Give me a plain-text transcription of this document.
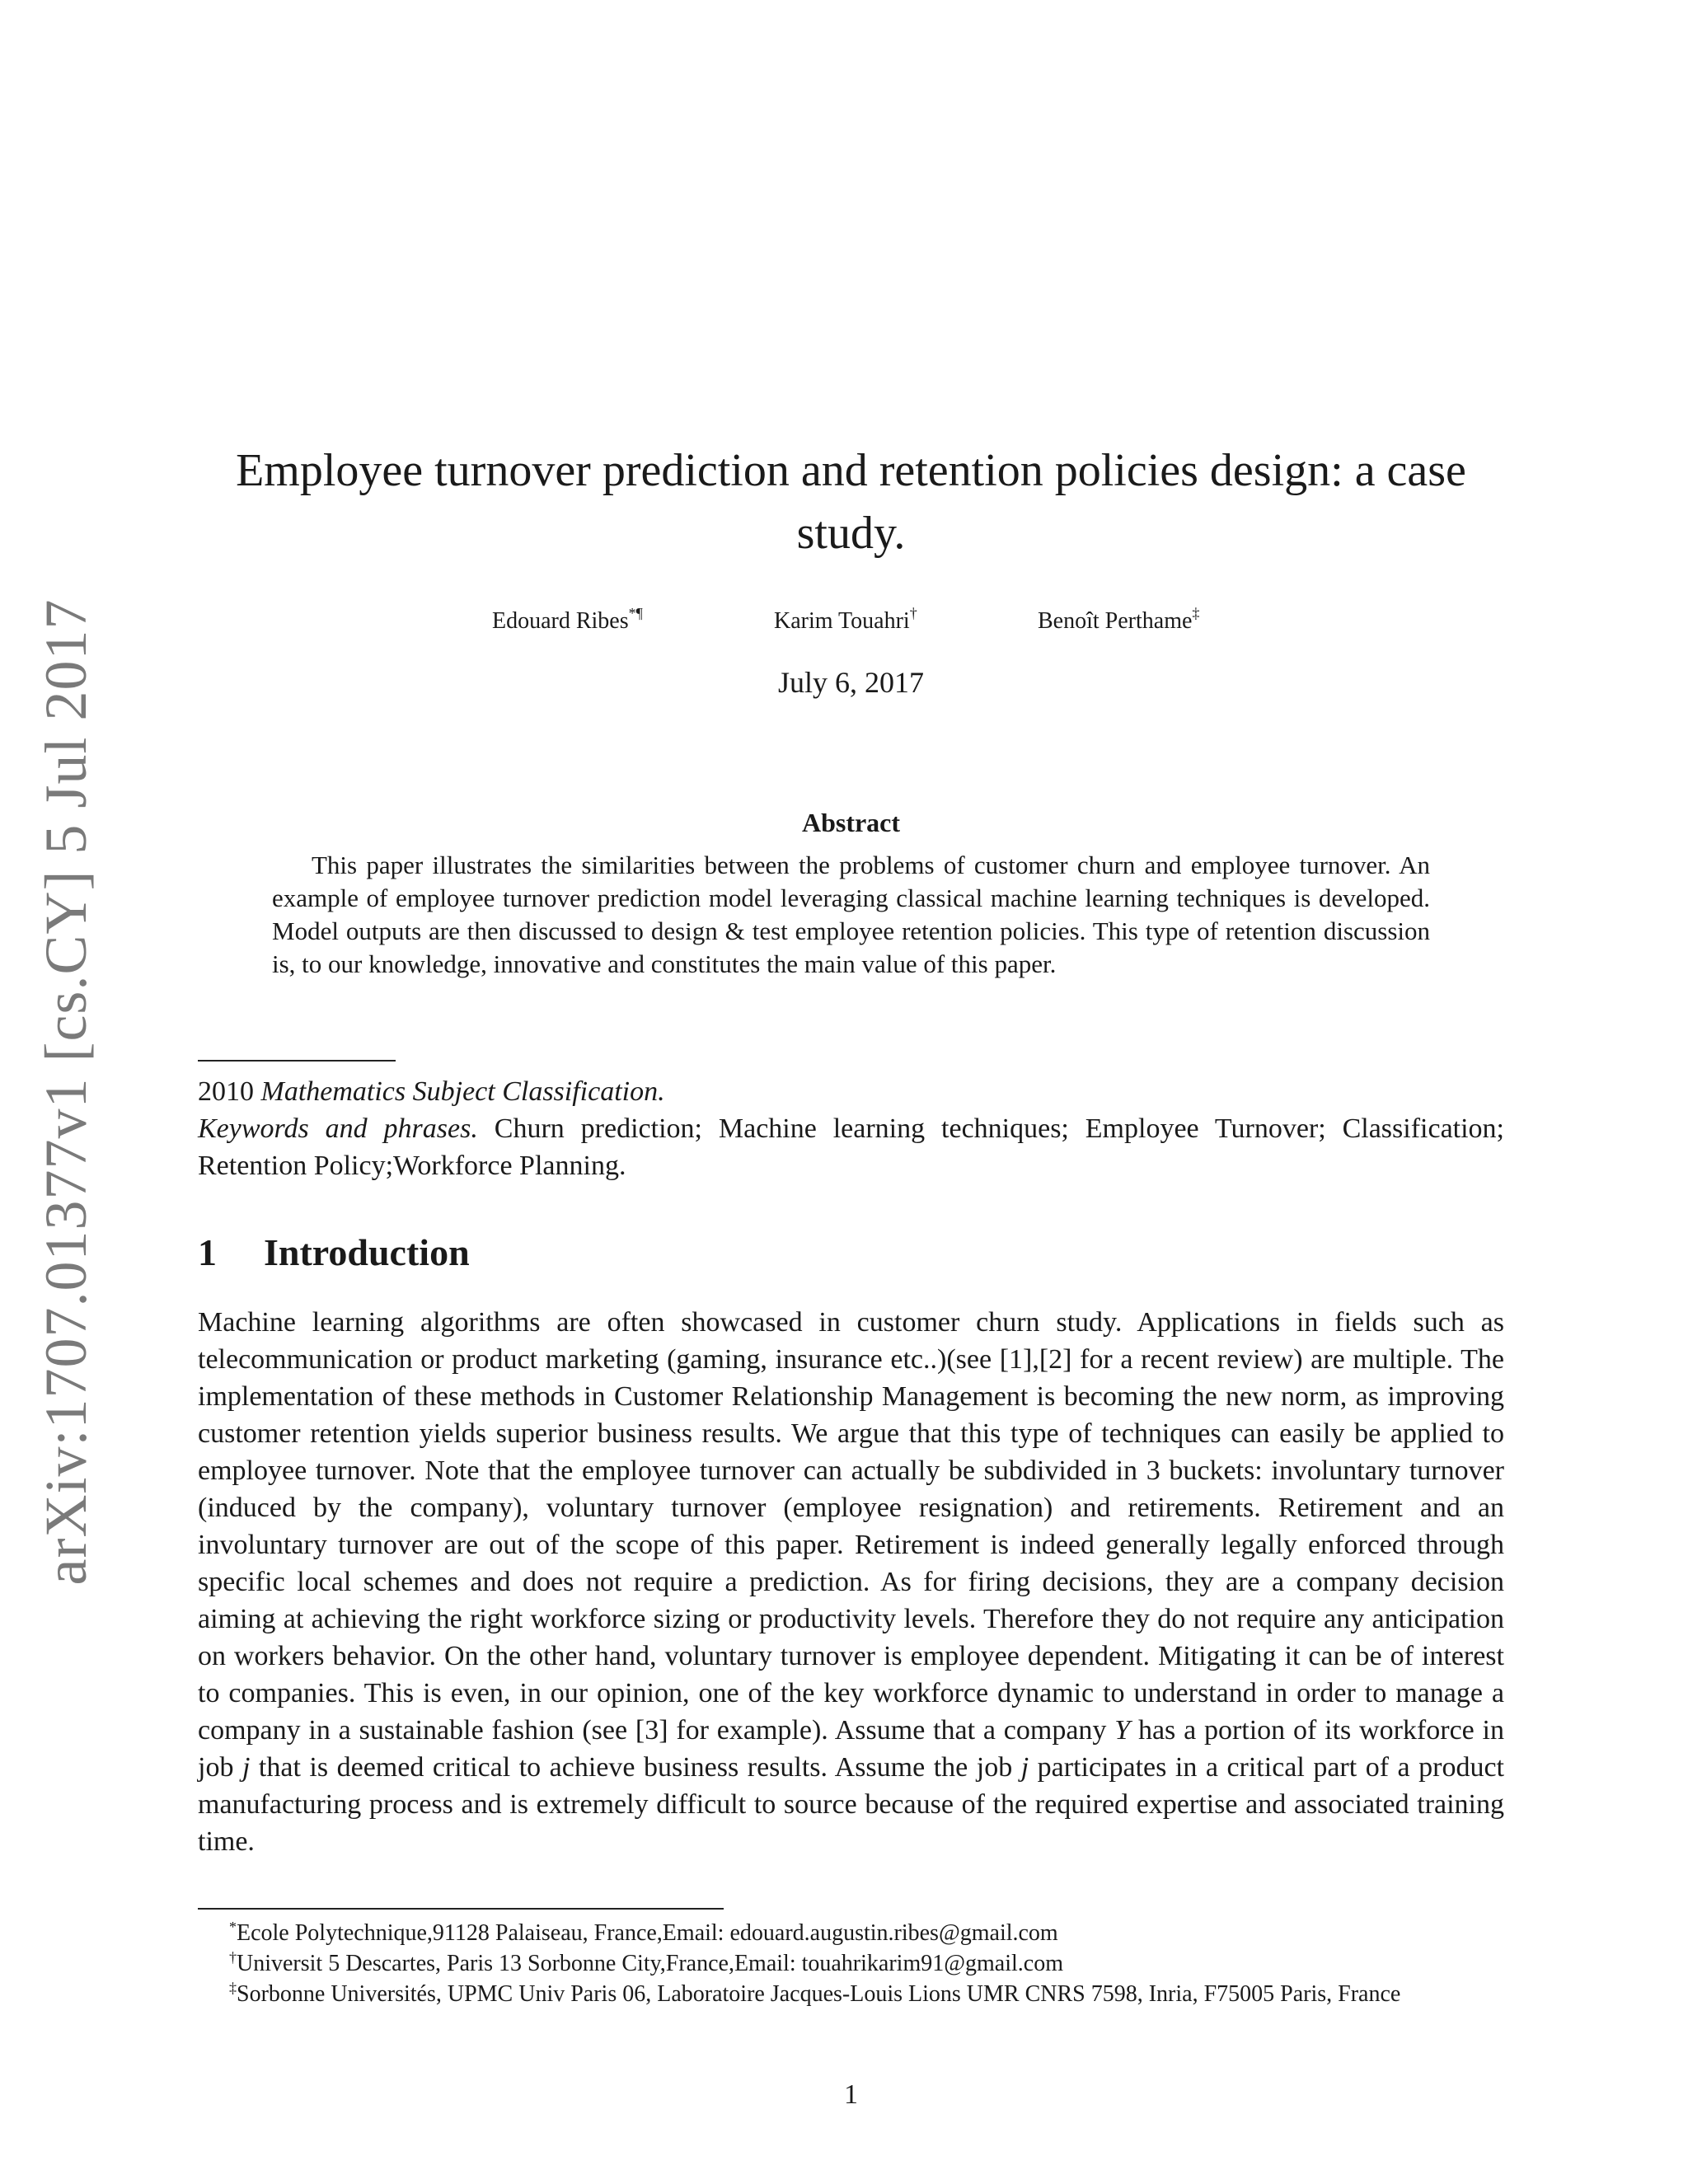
arXiv:1707.01377v1 [cs.CY] 5 Jul 2017
Employee turnover prediction and retention policies design: a case study.
Edouard Ribes*¶	Karim Touahri†	Benoît Perthame‡
July 6, 2017
Abstract

This paper illustrates the similarities between the problems of customer churn and employee turnover. An example of employee turnover prediction model leveraging classical machine learning techniques is developed. Model outputs are then discussed to design & test employee retention policies. This type of retention discussion is, to our knowledge, innovative and constitutes the main value of this paper.

2010 Mathematics Subject Classification.

Keywords and phrases. Churn prediction; Machine learning techniques; Employee Turnover; Classification; Retention Policy;Workforce Planning.

1 Introduction

Machine learning algorithms are often showcased in customer churn study. Applications in fields such as telecommunication or product marketing (gaming, insurance etc..)(see [1],[2] for a recent review) are multiple. The implementation of these methods in Customer Relationship Management is becoming the new norm, as improving customer retention yields superior business results. We argue that this type of techniques can easily be applied to employee turnover. Note that the employee turnover can actually be subdivided in 3 buckets: involuntary turnover (induced by the company), voluntary turnover (employee resignation) and retirements. Retirement and an involuntary turnover are out of the scope of this paper. Retirement is indeed generally legally enforced through specific local schemes and does not require a prediction. As for firing decisions, they are a company decision aiming at achieving the right workforce sizing or productivity levels. Therefore they do not require any anticipation on workers behavior. On the other hand, voluntary turnover is employee dependent. Mitigating it can be of interest to companies. This is even, in our opinion, one of the key workforce dynamic to understand in order to manage a company in a sustainable fashion (see [3] for example). Assume that a company Y has a portion of its workforce in job j that is deemed critical to achieve business results. Assume the job j participates in a critical part of a product manufacturing process and is extremely difficult to source because of the required expertise and associated training time.

*Ecole Polytechnique,91128 Palaiseau, France,Email: edouard.augustin.ribes@gmail.com

†Universit 5 Descartes, Paris 13 Sorbonne City,France,Email: touahrikarim91@gmail.com

‡Sorbonne Universités, UPMC Univ Paris 06, Laboratoire Jacques-Louis Lions UMR CNRS 7598, Inria, F75005 Paris, France

1
